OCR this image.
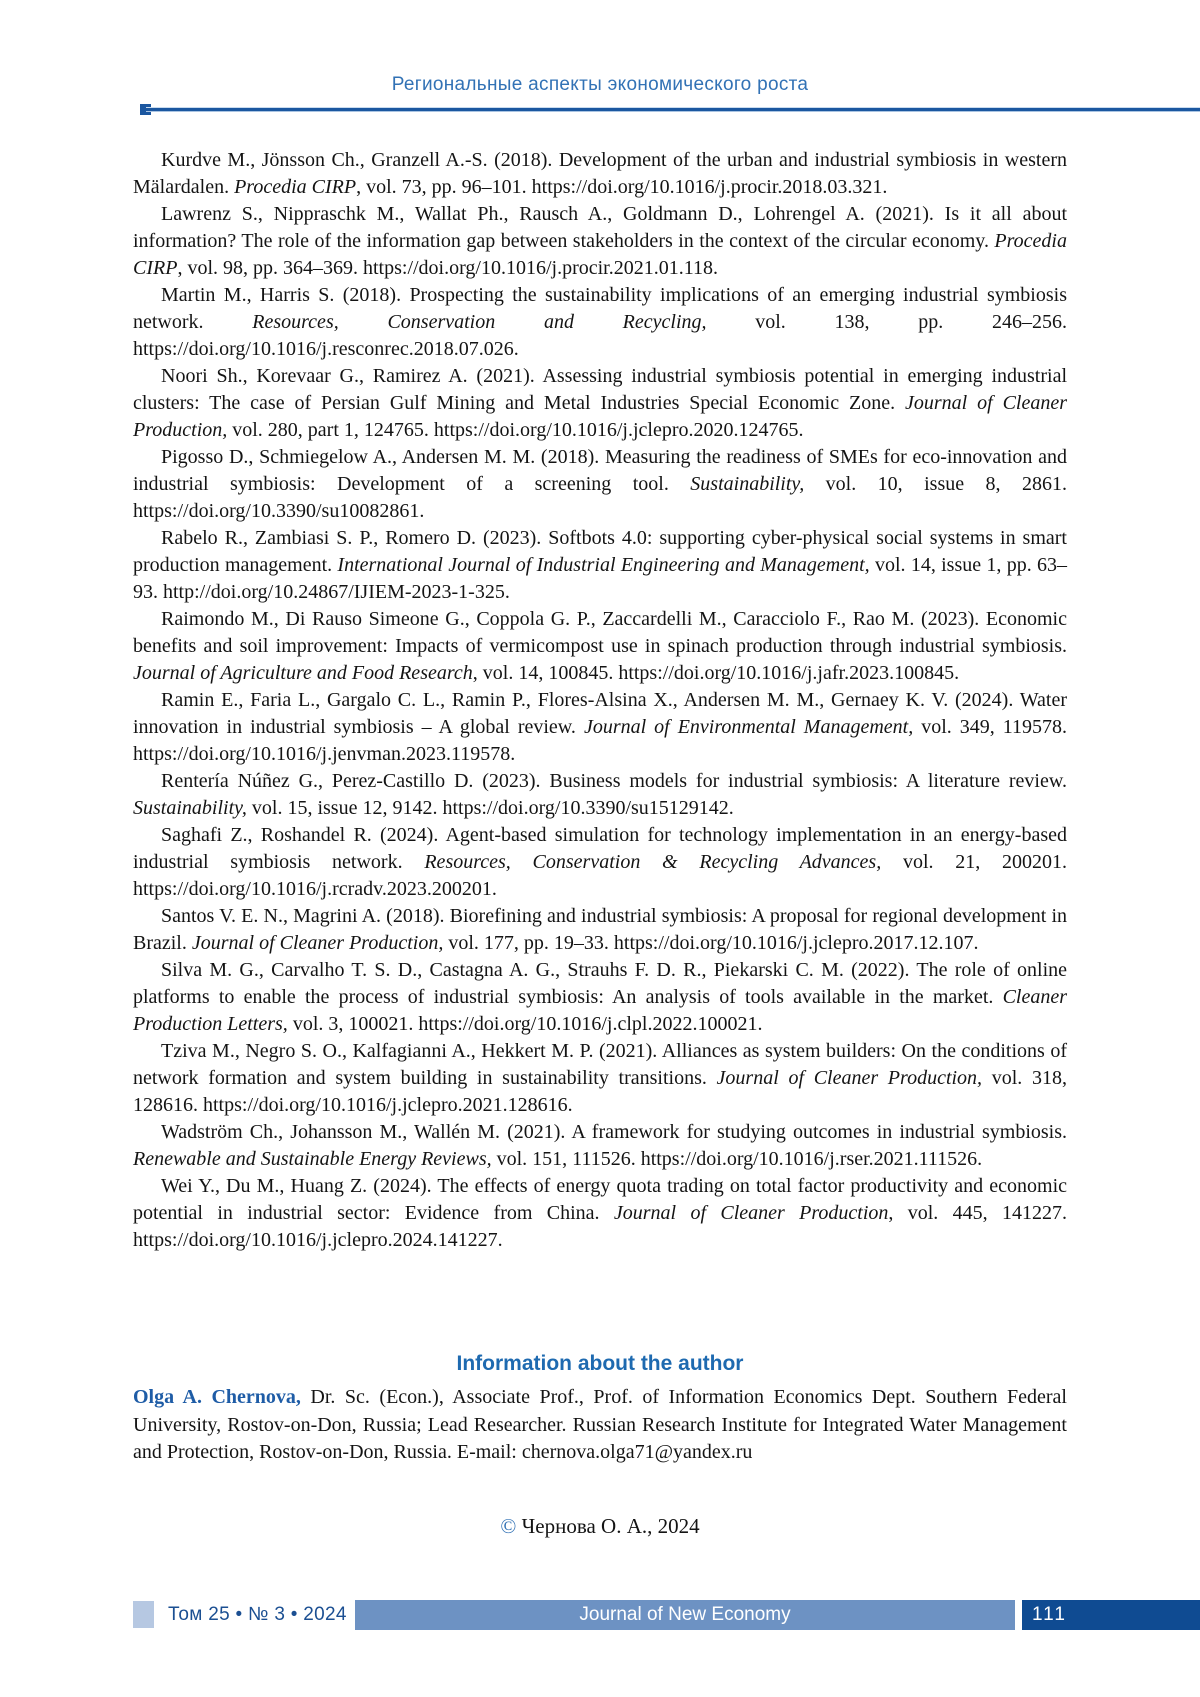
Региональные аспекты экономического роста

Kurdve M., Jönsson Ch., Granzell A.-S. (2018). Development of the urban and industrial symbiosis in western Mälardalen. Procedia CIRP, vol. 73, pp. 96–101. https://doi.org/10.1016/j.procir.2018.03.321.

Lawrenz S., Nippraschk M., Wallat Ph., Rausch A., Goldmann D., Lohrengel A. (2021). Is it all about information? The role of the information gap between stakeholders in the context of the circular economy. Procedia CIRP, vol. 98, pp. 364–369. https://doi.org/10.1016/j.procir.2021.01.118.

Martin M., Harris S. (2018). Prospecting the sustainability implications of an emerging industrial symbiosis network. Resources, Conservation and Recycling, vol. 138, pp. 246–256. https://doi.org/10.1016/j.resconrec.2018.07.026.

Noori Sh., Korevaar G., Ramirez A. (2021). Assessing industrial symbiosis potential in emerging industrial clusters: The case of Persian Gulf Mining and Metal Industries Special Economic Zone. Journal of Cleaner Production, vol. 280, part 1, 124765. https://doi.org/10.1016/j.jclepro.2020.124765.

Pigosso D., Schmiegelow A., Andersen M. M. (2018). Measuring the readiness of SMEs for eco-innovation and industrial symbiosis: Development of a screening tool. Sustainability, vol. 10, issue 8, 2861. https://doi.org/10.3390/su10082861.

Rabelo R., Zambiasi S. P., Romero D. (2023). Softbots 4.0: supporting cyber-physical social systems in smart production management. International Journal of Industrial Engineering and Management, vol. 14, issue 1, pp. 63–93. http://doi.org/10.24867/IJIEM-2023-1-325.

Raimondo M., Di Rauso Simeone G., Coppola G. P., Zaccardelli M., Caracciolo F., Rao M. (2023). Economic benefits and soil improvement: Impacts of vermicompost use in spinach production through industrial symbiosis. Journal of Agriculture and Food Research, vol. 14, 100845. https://doi.org/10.1016/j.jafr.2023.100845.

Ramin E., Faria L., Gargalo C. L., Ramin P., Flores-Alsina X., Andersen M. M., Gernaey K. V. (2024). Water innovation in industrial symbiosis – A global review. Journal of Environmental Management, vol. 349, 119578. https://doi.org/10.1016/j.jenvman.2023.119578.

Rentería Núñez G., Perez-Castillo D. (2023). Business models for industrial symbiosis: A literature review. Sustainability, vol. 15, issue 12, 9142. https://doi.org/10.3390/su15129142.

Saghafi Z., Roshandel R. (2024). Agent-based simulation for technology implementation in an energy-based industrial symbiosis network. Resources, Conservation & Recycling Advances, vol. 21, 200201. https://doi.org/10.1016/j.rcradv.2023.200201.

Santos V. E. N., Magrini A. (2018). Biorefining and industrial symbiosis: A proposal for regional development in Brazil. Journal of Cleaner Production, vol. 177, pp. 19–33. https://doi.org/10.1016/j.jclepro.2017.12.107.

Silva M. G., Carvalho T. S. D., Castagna A. G., Strauhs F. D. R., Piekarski C. M. (2022). The role of online platforms to enable the process of industrial symbiosis: An analysis of tools available in the market. Cleaner Production Letters, vol. 3, 100021. https://doi.org/10.1016/j.clpl.2022.100021.

Tziva M., Negro S. O., Kalfagianni A., Hekkert M. P. (2021). Alliances as system builders: On the conditions of network formation and system building in sustainability transitions. Journal of Cleaner Production, vol. 318, 128616. https://doi.org/10.1016/j.jclepro.2021.128616.

Wadström Ch., Johansson M., Wallén M. (2021). A framework for studying outcomes in industrial symbiosis. Renewable and Sustainable Energy Reviews, vol. 151, 111526. https://doi.org/10.1016/j.rser.2021.111526.

Wei Y., Du M., Huang Z. (2024). The effects of energy quota trading on total factor productivity and economic potential in industrial sector: Evidence from China. Journal of Cleaner Production, vol. 445, 141227. https://doi.org/10.1016/j.jclepro.2024.141227.

Information about the author

Olga A. Chernova, Dr. Sc. (Econ.), Associate Prof., Prof. of Information Economics Dept. Southern Federal University, Rostov-on-Don, Russia; Lead Researcher. Russian Research Institute for Integrated Water Management and Protection, Rostov-on-Don, Russia. E-mail: chernova.olga71@yandex.ru

© Чернова О. А., 2024
Том 25 • № 3 • 2024	Journal of New Economy	111
